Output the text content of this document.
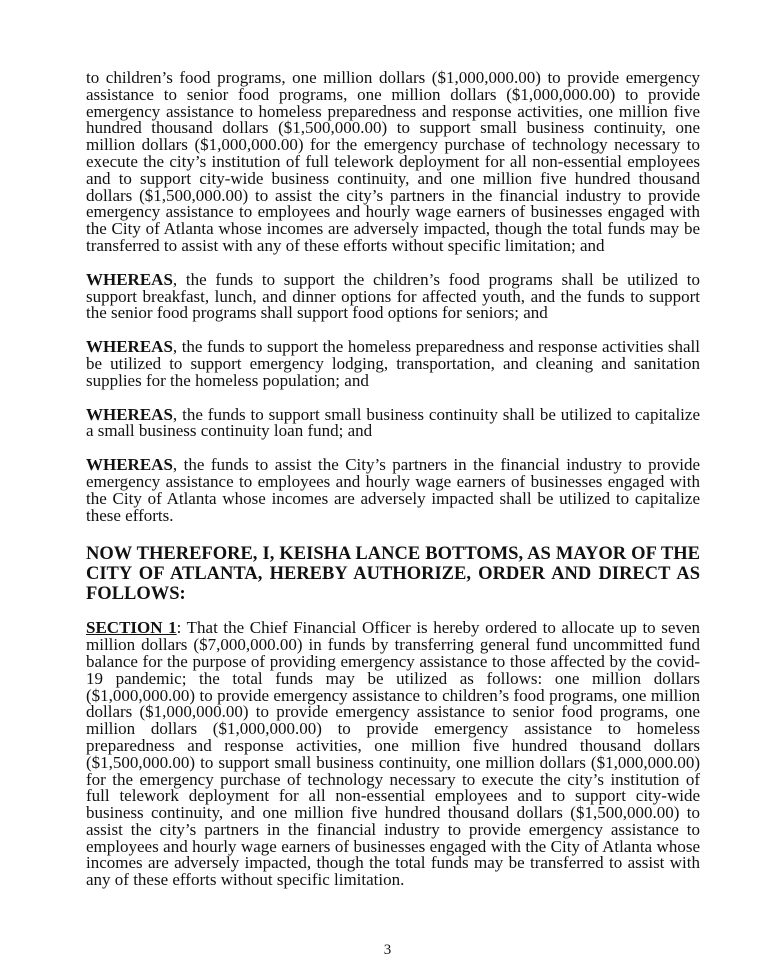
to children’s food programs, one million dollars ($1,000,000.00) to provide emergency assistance to senior food programs, one million dollars ($1,000,000.00) to provide emergency assistance to homeless preparedness and response activities, one million five hundred thousand dollars ($1,500,000.00) to support small business continuity, one million dollars ($1,000,000.00) for the emergency purchase of technology necessary to execute the city’s institution of full telework deployment for all non-essential employees and to support city-wide business continuity, and one million five hundred thousand dollars ($1,500,000.00) to assist the city’s partners in the financial industry to provide emergency assistance to employees and hourly wage earners of businesses engaged with the City of Atlanta whose incomes are adversely impacted, though the total funds may be transferred to assist with any of these efforts without specific limitation; and

WHEREAS, the funds to support the children’s food programs shall be utilized to support breakfast, lunch, and dinner options for affected youth, and the funds to support the senior food programs shall support food options for seniors; and

WHEREAS, the funds to support the homeless preparedness and response activities shall be utilized to support emergency lodging, transportation, and cleaning and sanitation supplies for the homeless population; and

WHEREAS, the funds to support small business continuity shall be utilized to capitalize a small business continuity loan fund; and

WHEREAS, the funds to assist the City’s partners in the financial industry to provide emergency assistance to employees and hourly wage earners of businesses engaged with the City of Atlanta whose incomes are adversely impacted shall be utilized to capitalize these efforts.

NOW THEREFORE, I, KEISHA LANCE BOTTOMS, AS MAYOR OF THE CITY OF ATLANTA, HEREBY AUTHORIZE, ORDER AND DIRECT AS FOLLOWS:

SECTION 1: That the Chief Financial Officer is hereby ordered to allocate up to seven million dollars ($7,000,000.00) in funds by transferring general fund uncommitted fund balance for the purpose of providing emergency assistance to those affected by the covid-19 pandemic; the total funds may be utilized as follows: one million dollars ($1,000,000.00) to provide emergency assistance to children’s food programs, one million dollars ($1,000,000.00) to provide emergency assistance to senior food programs, one million dollars ($1,000,000.00) to provide emergency assistance to homeless preparedness and response activities, one million five hundred thousand dollars ($1,500,000.00) to support small business continuity, one million dollars ($1,000,000.00) for the emergency purchase of technology necessary to execute the city’s institution of full telework deployment for all non-essential employees and to support city-wide business continuity, and one million five hundred thousand dollars ($1,500,000.00) to assist the city’s partners in the financial industry to provide emergency assistance to employees and hourly wage earners of businesses engaged with the City of Atlanta whose incomes are adversely impacted, though the total funds may be transferred to assist with any of these efforts without specific limitation.

3
